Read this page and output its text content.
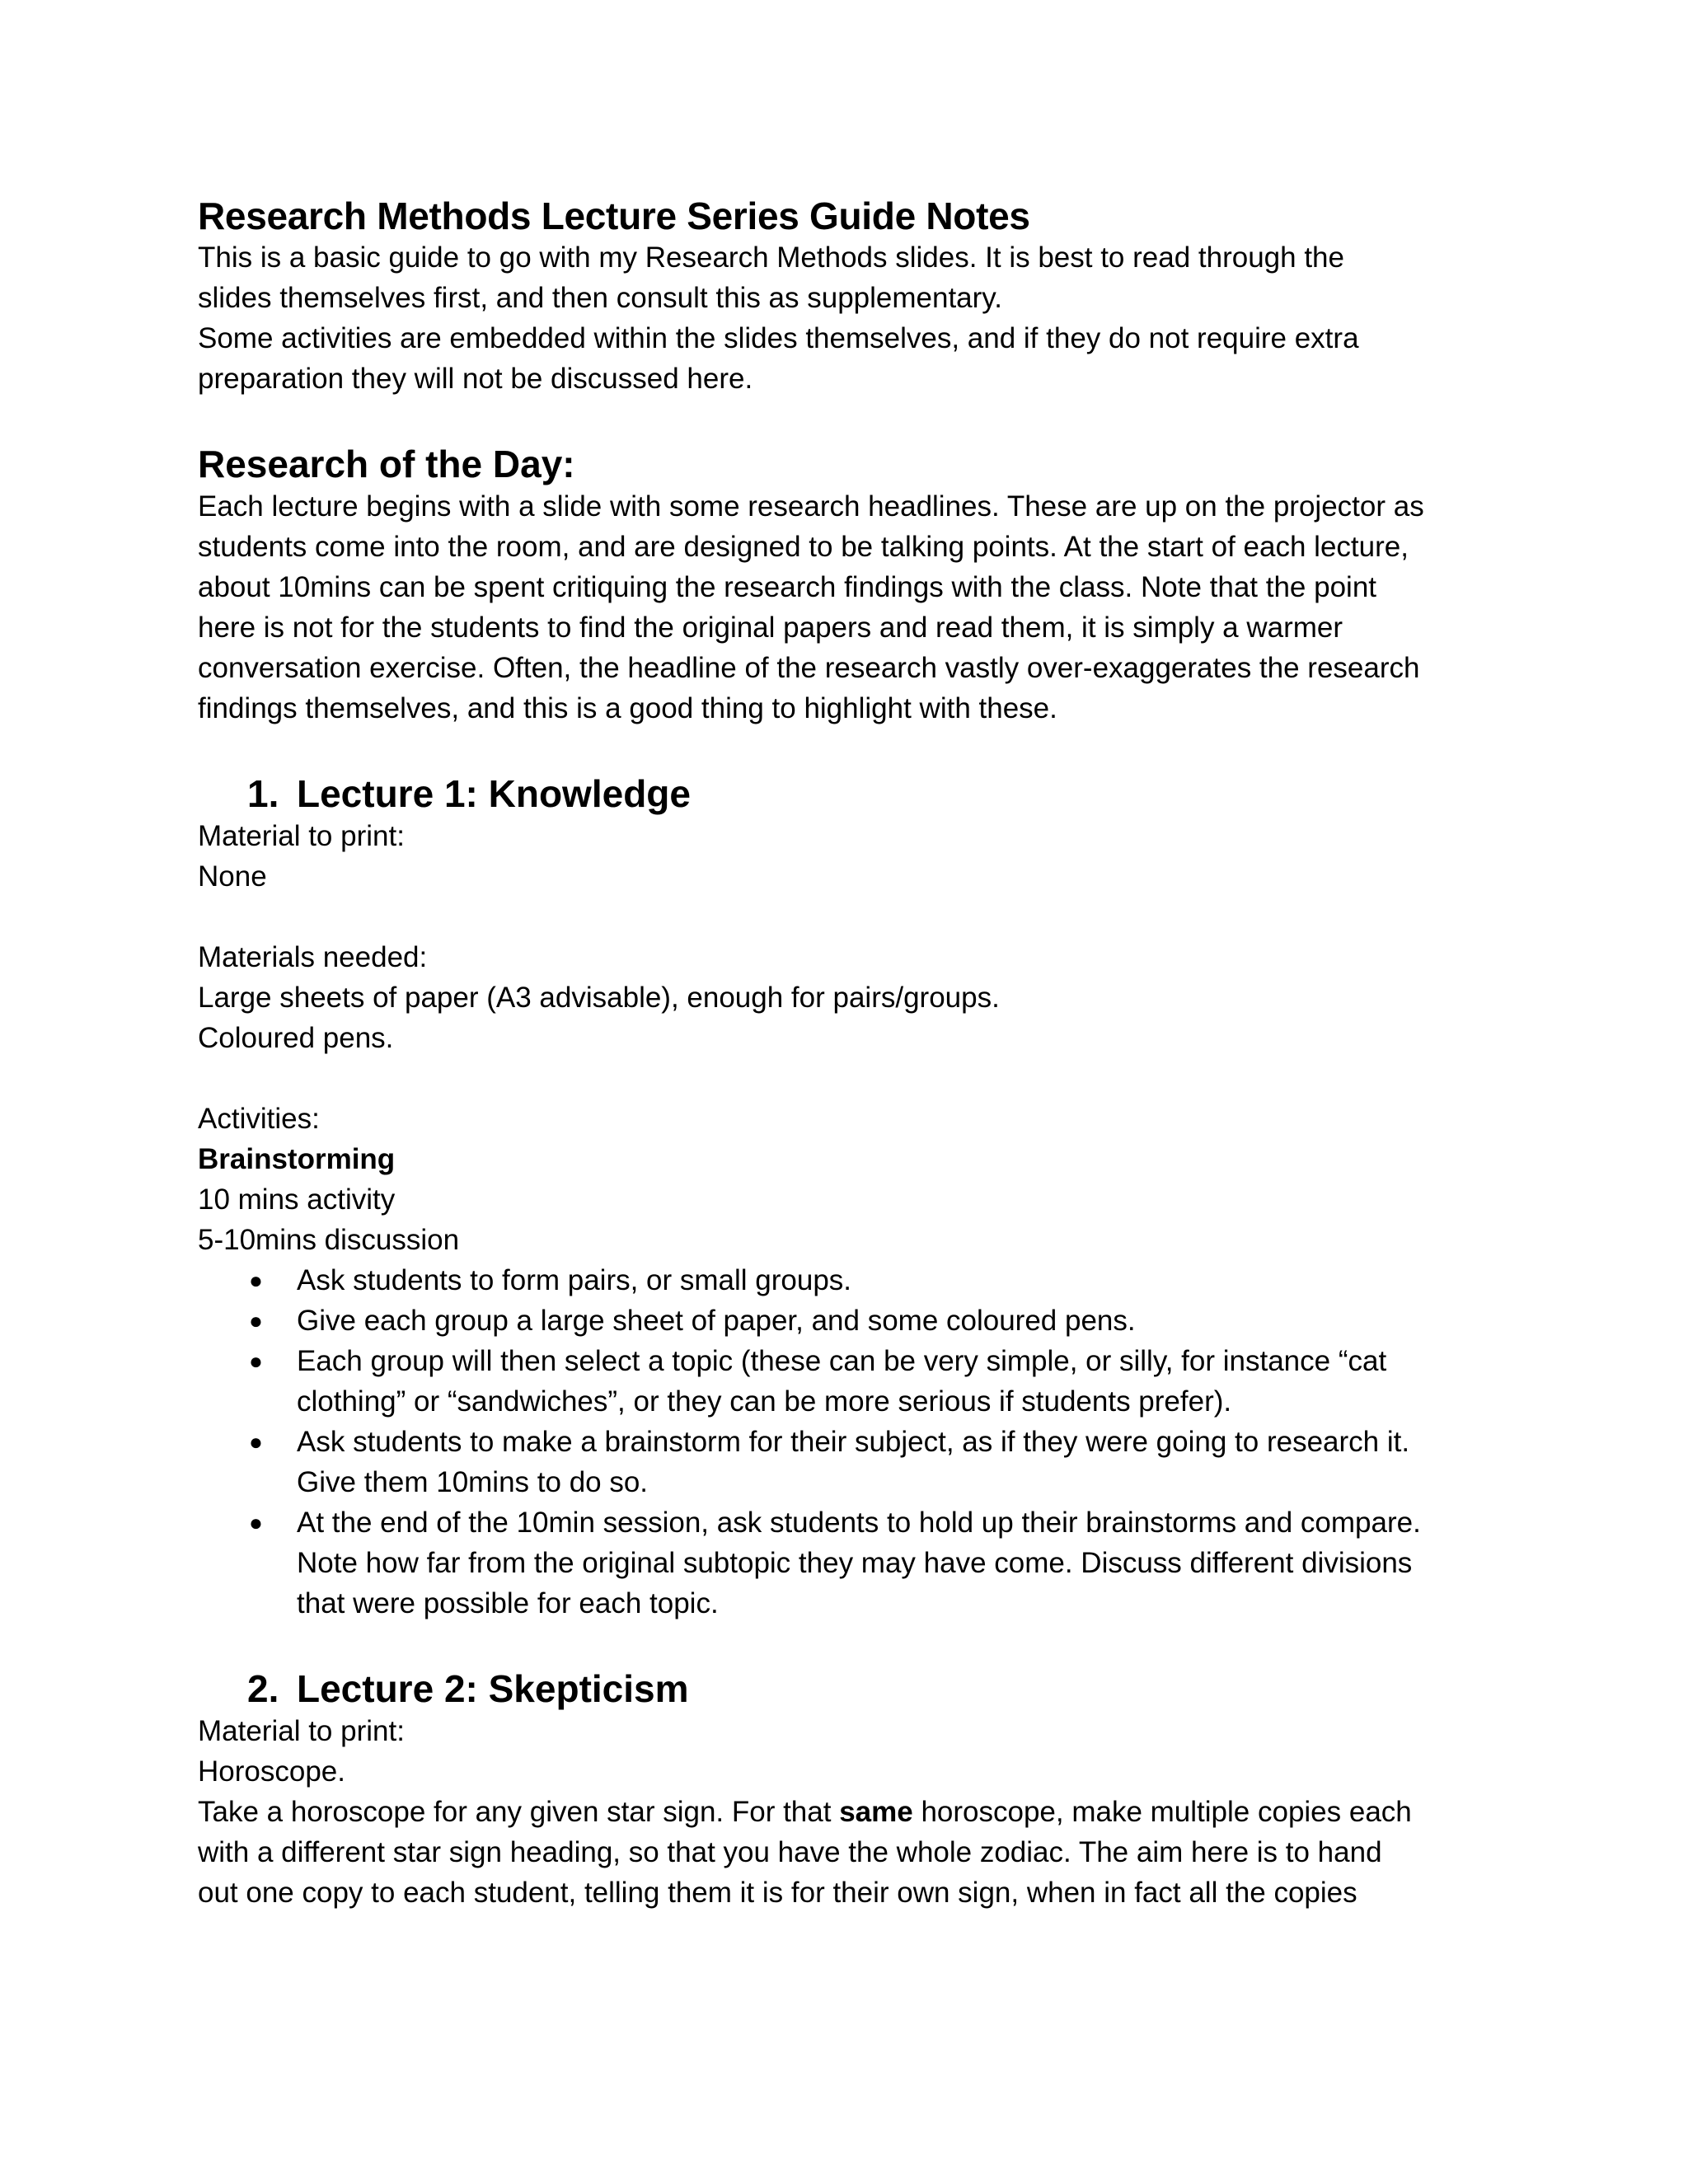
Research Methods Lecture Series Guide Notes

This is a basic guide to go with my Research Methods slides. It is best to read through the

slides themselves first, and then consult this as supplementary.

Some activities are embedded within the slides themselves, and if they do not require extra

preparation they will not be discussed here.

Research of the Day:

Each lecture begins with a slide with some research headlines. These are up on the projector as

students come into the room, and are designed to be talking points. At the start of each lecture,

about 10mins can be spent critiquing the research findings with the class. Note that the point

here is not for the students to find the original papers and read them, it is simply a warmer

conversation exercise. Often, the headline of the research vastly over-exaggerates the research

findings themselves, and this is a good thing to highlight with these.

1. Lecture 1: Knowledge

Material to print:

None

Materials needed:

Large sheets of paper (A3 advisable), enough for pairs/groups.

Coloured pens.

Activities:

Brainstorming

10 mins activity

5-10mins discussion

● Ask students to form pairs, or small groups.
● Give each group a large sheet of paper, and some coloured pens.
● Each group will then select a topic (these can be very simple, or silly, for instance “cat
clothing” or “sandwiches”, or they can be more serious if students prefer).
● Ask students to make a brainstorm for their subject, as if they were going to research it.
Give them 10mins to do so.
● At the end of the 10min session, ask students to hold up their brainstorms and compare.
Note how far from the original subtopic they may have come. Discuss different divisions
that were possible for each topic.
2. Lecture 2: Skepticism

Material to print:

Horoscope.

Take a horoscope for any given star sign. For that same horoscope, make multiple copies each

with a different star sign heading, so that you have the whole zodiac. The aim here is to hand

out one copy to each student, telling them it is for their own sign, when in fact all the copies
